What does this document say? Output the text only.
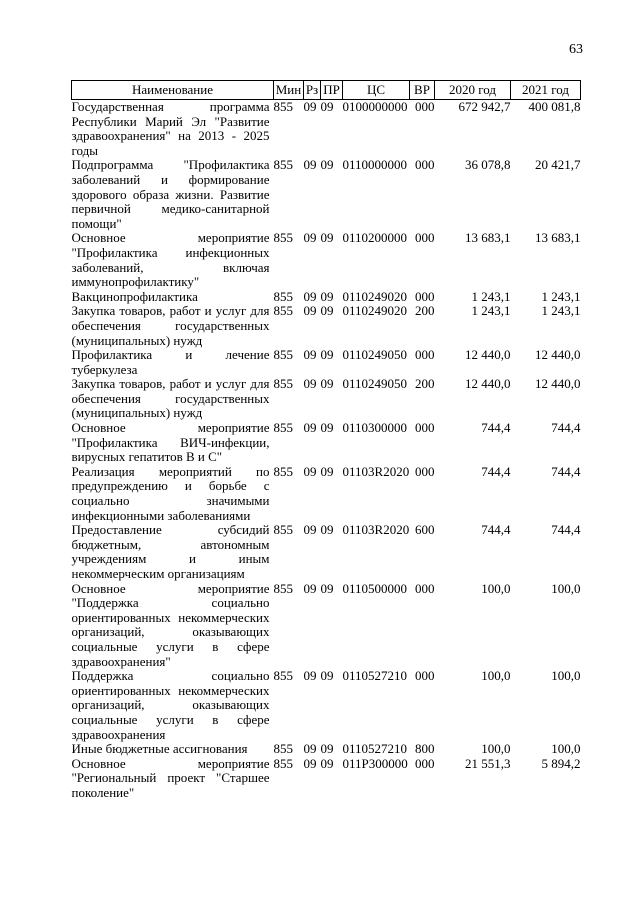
63
Наименование	Мин	Рз	ПР	ЦС	ВР	2020 год	2021 год
Государственная программа Республики Марий Эл "Развитие здравоохранения" на 2013 - 2025 годы	855	09	09	0100000000	000	672 942,7	400 081,8
Подпрограмма "Профилактика заболеваний и формирование здорового образа жизни. Развитие первичной медико-санитарной помощи"	855	09	09	0110000000	000	36 078,8	20 421,7
Основное мероприятие "Профилактика инфекционных заболеваний, включая иммунопрофилактику"	855	09	09	0110200000	000	13 683,1	13 683,1
Вакцинопрофилактика	855	09	09	0110249020	000	1 243,1	1 243,1
Закупка товаров, работ и услуг для обеспечения государственных (муниципальных) нужд	855	09	09	0110249020	200	1 243,1	1 243,1
Профилактика и лечение туберкулеза	855	09	09	0110249050	000	12 440,0	12 440,0
Закупка товаров, работ и услуг для обеспечения государственных (муниципальных) нужд	855	09	09	0110249050	200	12 440,0	12 440,0
Основное мероприятие "Профилактика ВИЧ-инфекции, вирусных гепатитов В и С"	855	09	09	0110300000	000	744,4	744,4
Реализация мероприятий по предупреждению и борьбе с социально значимыми инфекционными заболеваниями	855	09	09	01103R2020	000	744,4	744,4
Предоставление субсидий бюджетным, автономным учреждениям и иным некоммерческим организациям	855	09	09	01103R2020	600	744,4	744,4
Основное мероприятие "Поддержка социально ориентированных некоммерческих организаций, оказывающих социальные услуги в сфере здравоохранения"	855	09	09	0110500000	000	100,0	100,0
Поддержка социально ориентированных некоммерческих организаций, оказывающих социальные услуги в сфере здравоохранения	855	09	09	0110527210	000	100,0	100,0
Иные бюджетные ассигнования	855	09	09	0110527210	800	100,0	100,0
Основное мероприятие "Региональный проект "Старшее поколение"	855	09	09	011P300000	000	21 551,3	5 894,2
